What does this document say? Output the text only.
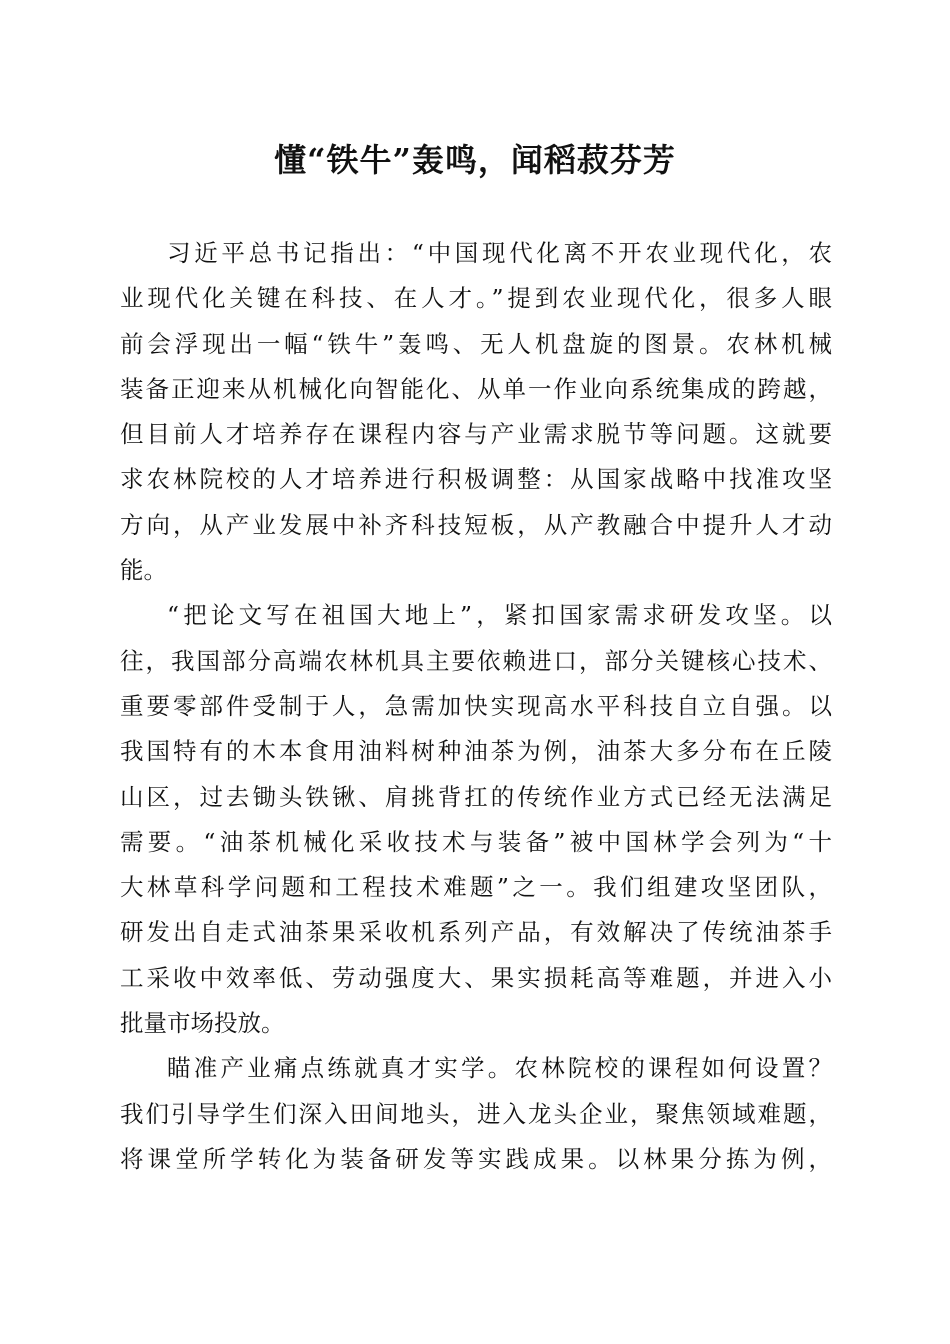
懂“铁牛”轰鸣，闻稻菽芬芳

习近平总书记指出：“中国现代化离不开农业现代化，农
业现代化关键在科技、在人才。”提到农业现代化，很多人眼
前会浮现出一幅“铁牛”轰鸣、无人机盘旋的图景。农林机械
装备正迎来从机械化向智能化、从单一作业向系统集成的跨越，
但目前人才培养存在课程内容与产业需求脱节等问题。这就要
求农林院校的人才培养进行积极调整：从国家战略中找准攻坚
方向，从产业发展中补齐科技短板，从产教融合中提升人才动
能。

“把论文写在祖国大地上”，紧扣国家需求研发攻坚。以
往，我国部分高端农林机具主要依赖进口，部分关键核心技术、
重要零部件受制于人，急需加快实现高水平科技自立自强。以
我国特有的木本食用油料树种油茶为例，油茶大多分布在丘陵
山区，过去锄头铁锹、肩挑背扛的传统作业方式已经无法满足
需要。“油茶机械化采收技术与装备”被中国林学会列为“十
大林草科学问题和工程技术难题”之一。我们组建攻坚团队，
研发出自走式油茶果采收机系列产品，有效解决了传统油茶手
工采收中效率低、劳动强度大、果实损耗高等难题，并进入小
批量市场投放。

瞄准产业痛点练就真才实学。农林院校的课程如何设置？
我们引导学生们深入田间地头，进入龙头企业，聚焦领域难题，
将课堂所学转化为装备研发等实践成果。以林果分拣为例，
